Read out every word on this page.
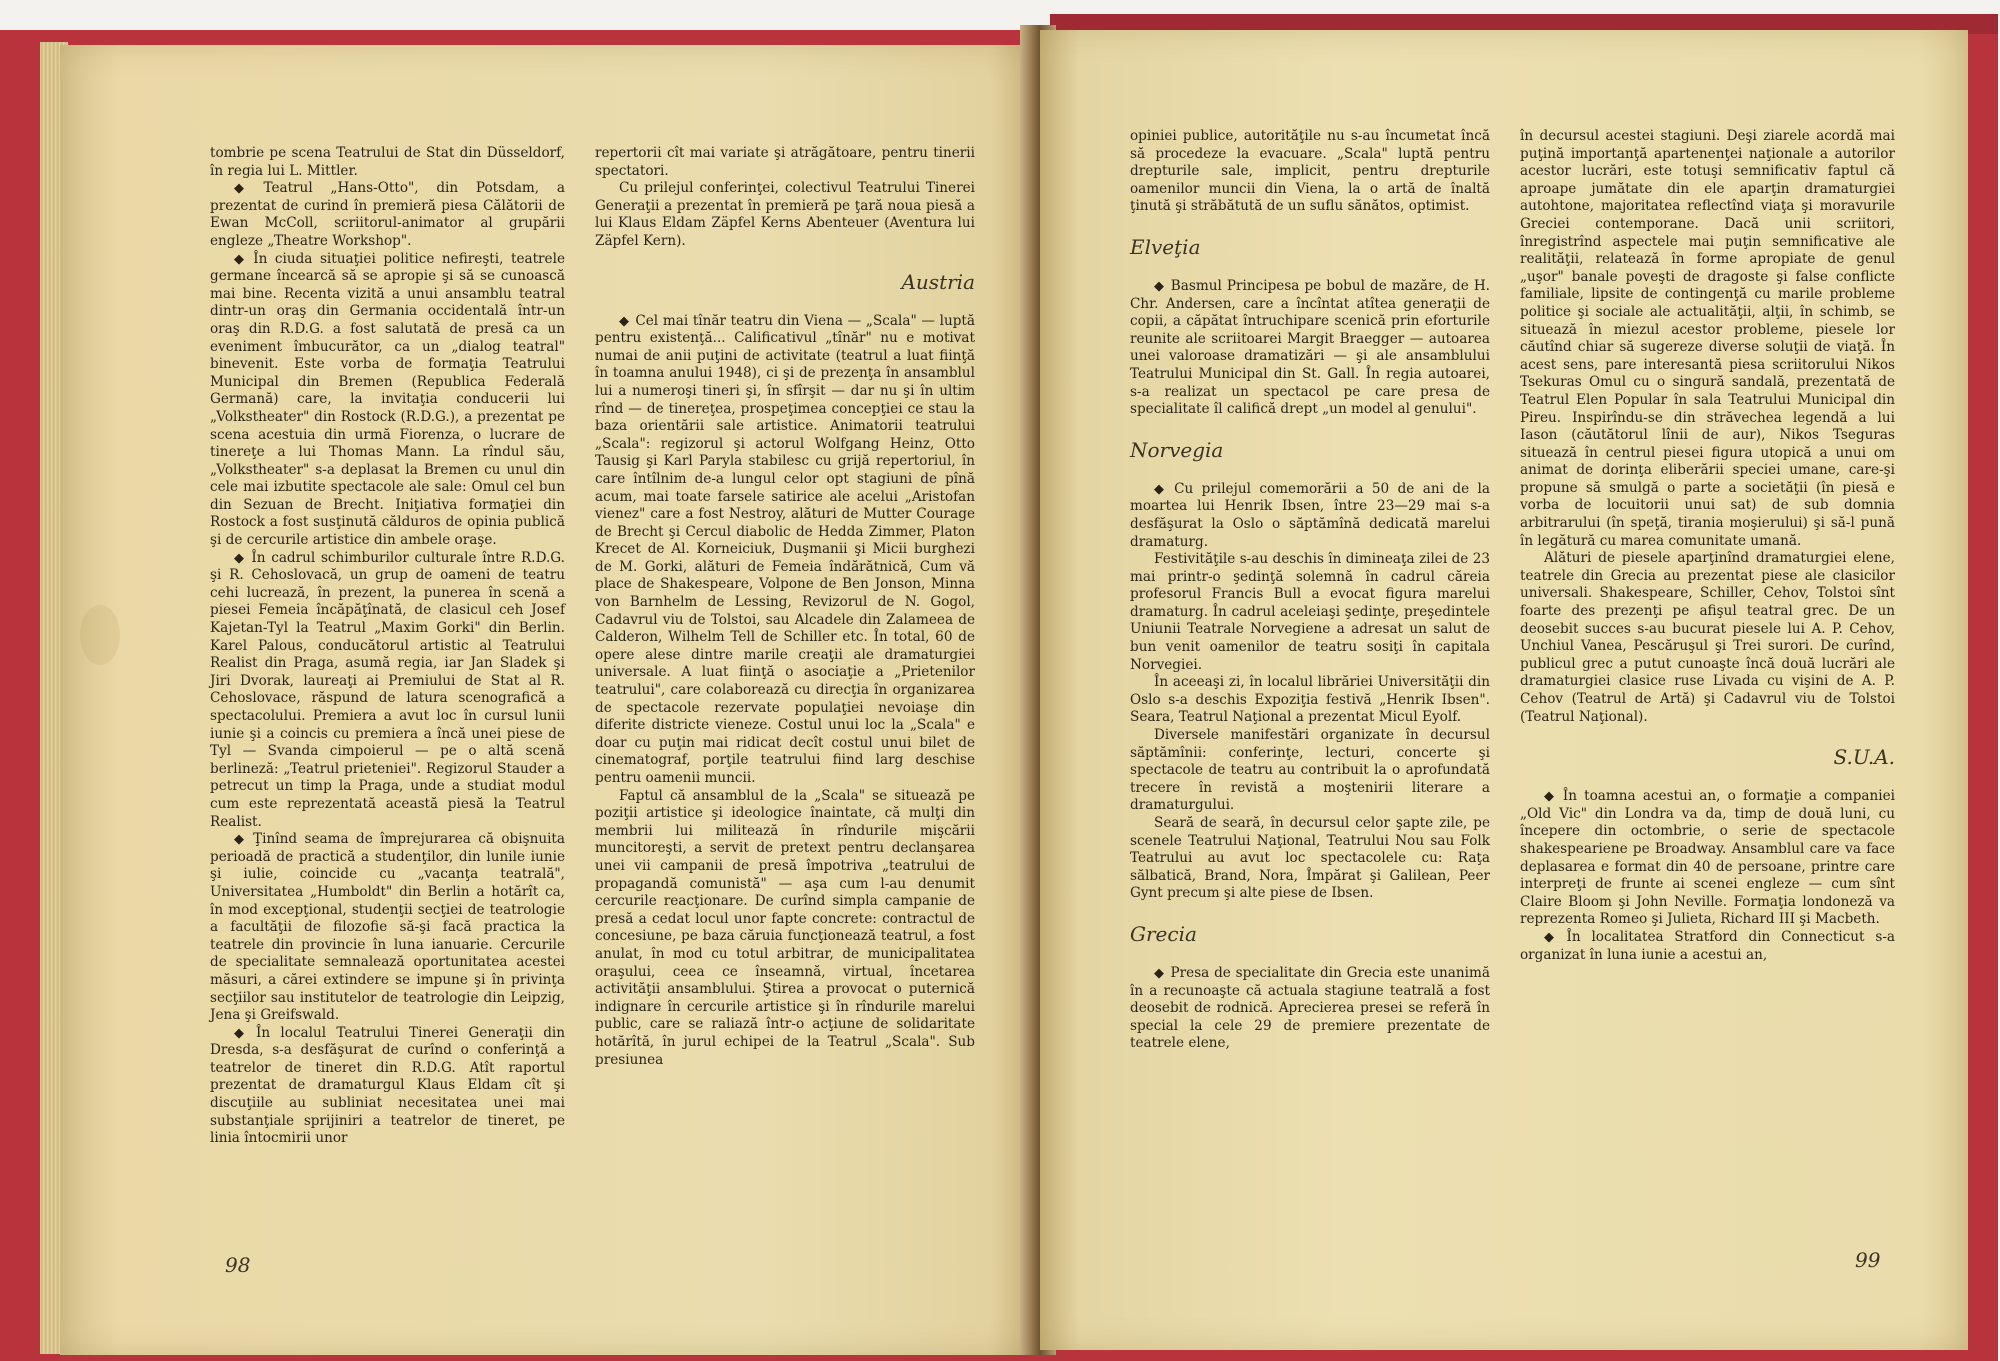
tombrie pe scena Teatrului de Stat din Düsseldorf, în regia lui L. Mittler.

◆ Teatrul „Hans-Otto", din Potsdam, a prezentat de curind în premieră piesa Călătorii de Ewan McColl, scriitorul-animator al grupării engleze „Theatre Workshop".

◆ În ciuda situaţiei politice nefireşti, teatrele germane încearcă să se apropie şi să se cunoască mai bine. Recenta vizită a unui ansamblu teatral dintr-un oraş din Germania occidentală într-un oraş din R.D.G. a fost salutată de presă ca un eveniment îmbucurător, ca un „dialog teatral" binevenit. Este vorba de formaţia Teatrului Municipal din Bremen (Republica Federală Germană) care, la invitaţia conducerii lui „Volkstheater" din Rostock (R.D.G.), a prezentat pe scena acestuia din urmă Fiorenza, o lucrare de tinereţe a lui Thomas Mann. La rîndul său, „Volkstheater" s-a deplasat la Bremen cu unul din cele mai izbutite spectacole ale sale: Omul cel bun din Sezuan de Brecht. Iniţiativa formaţiei din Rostock a fost susţinută călduros de opinia publică şi de cercurile artistice din ambele oraşe.

◆ În cadrul schimburilor culturale între R.D.G. şi R. Cehoslovacă, un grup de oameni de teatru cehi lucrează, în prezent, la punerea în scenă a piesei Femeia încăpăţînată, de clasicul ceh Josef Kajetan-Tyl la Teatrul „Maxim Gorki" din Berlin. Karel Palous, conducătorul artistic al Teatrului Realist din Praga, asumă regia, iar Jan Sladek şi Jiri Dvorak, laureaţi ai Premiului de Stat al R. Cehoslovace, răspund de latura scenografică a spectacolului. Premiera a avut loc în cursul lunii iunie şi a coincis cu premiera a încă unei piese de Tyl — Svanda cimpoierul — pe o altă scenă berlineză: „Teatrul prieteniei". Regizorul Stauder a petrecut un timp la Praga, unde a studiat modul cum este reprezentată această piesă la Teatrul Realist.

◆ Ţinînd seama de împrejurarea că obişnuita perioadă de practică a studenţilor, din lunile iunie şi iulie, coincide cu „vacanţa teatrală", Universitatea „Humboldt" din Berlin a hotărît ca, în mod excepţional, studenţii secţiei de teatrologie a facultăţii de filozofie să-şi facă practica la teatrele din provincie în luna ianuarie. Cercurile de specialitate semnalează oportunitatea acestei măsuri, a cărei extindere se impune şi în privinţa secţiilor sau institutelor de teatrologie din Leipzig, Jena şi Greifswald.

◆ În localul Teatrului Tinerei Generaţii din Dresda, s-a desfăşurat de curînd o conferinţă a teatrelor de tineret din R.D.G. Atît raportul prezentat de dramaturgul Klaus Eldam cît şi discuţiile au subliniat necesitatea unei mai substanţiale sprijiniri a teatrelor de tineret, pe linia întocmirii unor

repertorii cît mai variate şi atrăgătoare, pentru tinerii spectatori.

Cu prilejul conferinţei, colectivul Teatrului Tinerei Generaţii a prezentat în premieră pe ţară noua piesă a lui Klaus Eldam Zäpfel Kerns Abenteuer (Aventura lui Zäpfel Kern).

Austria

◆ Cel mai tînăr teatru din Viena — „Scala" — luptă pentru existenţă... Calificativul „tînăr" nu e motivat numai de anii puţini de activitate (teatrul a luat fiinţă în toamna anului 1948), ci şi de prezenţa în ansamblul lui a numeroşi tineri şi, în sfîrşit — dar nu şi în ultim rînd — de tinereţea, prospeţimea concepţiei ce stau la baza orientării sale artistice. Animatorii teatrului „Scala": regizorul şi actorul Wolfgang Heinz, Otto Tausig şi Karl Paryla stabilesc cu grijă repertoriul, în care întîlnim de-a lungul celor opt stagiuni de pînă acum, mai toate farsele satirice ale acelui „Aristofan vienez" care a fost Nestroy, alături de Mutter Courage de Brecht şi Cercul diabolic de Hedda Zimmer, Platon Krecet de Al. Korneiciuk, Duşmanii şi Micii burghezi de M. Gorki, alături de Femeia îndărătnică, Cum vă place de Shakespeare, Volpone de Ben Jonson, Minna von Barnhelm de Lessing, Revizorul de N. Gogol, Cadavrul viu de Tolstoi, sau Alcadele din Zalameea de Calderon, Wilhelm Tell de Schiller etc. În total, 60 de opere alese dintre marile creaţii ale dramaturgiei universale. A luat fiinţă o asociaţie a „Prietenilor teatrului", care colaborează cu direcţia în organizarea de spectacole rezervate populaţiei nevoiaşe din diferite districte vieneze. Costul unui loc la „Scala" e doar cu puţin mai ridicat decît costul unui bilet de cinematograf, porţile teatrului fiind larg deschise pentru oamenii muncii.

Faptul că ansamblul de la „Scala" se situează pe poziţii artistice şi ideologice înaintate, că mulţi din membrii lui militează în rîndurile mişcării muncitoreşti, a servit de pretext pentru declanşarea unei vii campanii de presă împotriva „teatrului de propagandă comunistă" — aşa cum l-au denumit cercurile reacţionare. De curînd simpla campanie de presă a cedat locul unor fapte concrete: contractul de concesiune, pe baza căruia funcţionează teatrul, a fost anulat, în mod cu totul arbitrar, de municipalitatea oraşului, ceea ce înseamnă, virtual, încetarea activităţii ansamblului. Ştirea a provocat o puternică indignare în cercurile artistice şi în rîndurile marelui public, care se raliază într-o acţiune de solidaritate hotărîtă, în jurul echipei de la Teatrul „Scala". Sub presiunea

98

opiniei publice, autorităţile nu s-au încumetat încă să procedeze la evacuare. „Scala" luptă pentru drepturile sale, implicit, pentru drepturile oamenilor muncii din Viena, la o artă de înaltă ţinută şi străbătută de un suflu sănătos, optimist.

Elveţia

◆ Basmul Principesa pe bobul de mazăre, de H. Chr. Andersen, care a încîntat atîtea generaţii de copii, a căpătat întruchipare scenică prin eforturile reunite ale scriitoarei Margit Braegger — autoarea unei valoroase dramatizări — şi ale ansamblului Teatrului Municipal din St. Gall. În regia autoarei, s-a realizat un spectacol pe care presa de specialitate îl califică drept „un model al genului".

Norvegia

◆ Cu prilejul comemorării a 50 de ani de la moartea lui Henrik Ibsen, între 23—29 mai s-a desfăşurat la Oslo o săptămînă dedicată marelui dramaturg.

Festivităţile s-au deschis în dimineaţa zilei de 23 mai printr-o şedinţă solemnă în cadrul căreia profesorul Francis Bull a evocat figura marelui dramaturg. În cadrul aceleiaşi şedinţe, preşedintele Uniunii Teatrale Norvegiene a adresat un salut de bun venit oamenilor de teatru sosiţi în capitala Norvegiei.

În aceeaşi zi, în localul librăriei Universităţii din Oslo s-a deschis Expoziţia festivă „Henrik Ibsen". Seara, Teatrul Naţional a prezentat Micul Eyolf.

Diversele manifestări organizate în decursul săptămînii: conferinţe, lecturi, concerte şi spectacole de teatru au contribuit la o aprofundată trecere în revistă a moştenirii literare a dramaturgului.

Seară de seară, în decursul celor şapte zile, pe scenele Teatrului Naţional, Teatrului Nou sau Folk Teatrului au avut loc spectacolele cu: Raţa sălbatică, Brand, Nora, Împărat şi Galilean, Peer Gynt precum şi alte piese de Ibsen.

Grecia

◆ Presa de specialitate din Grecia este unanimă în a recunoaşte că actuala stagiune teatrală a fost deosebit de rodnică. Aprecierea presei se referă în special la cele 29 de premiere prezentate de teatrele elene,

în decursul acestei stagiuni. Deşi ziarele acordă mai puţină importanţă apartenenţei naţionale a autorilor acestor lucrări, este totuşi semnificativ faptul că aproape jumătate din ele aparţin dramaturgiei autohtone, majoritatea reflectînd viaţa şi moravurile Greciei contemporane. Dacă unii scriitori, înregistrînd aspectele mai puţin semnificative ale realităţii, relatează în forme apropiate de genul „uşor" banale poveşti de dragoste şi false conflicte familiale, lipsite de contingenţă cu marile probleme politice şi sociale ale actualităţii, alţii, în schimb, se situează în miezul acestor probleme, piesele lor căutînd chiar să sugereze diverse soluţii de viaţă. În acest sens, pare interesantă piesa scriitorului Nikos Tsekuras Omul cu o singură sandală, prezentată de Teatrul Elen Popular în sala Teatrului Municipal din Pireu. Inspirîndu-se din străvechea legendă a lui Iason (căutătorul lînii de aur), Nikos Tseguras situează în centrul piesei figura utopică a unui om animat de dorinţa eliberării speciei umane, care-şi propune să smulgă o parte a societăţii (în piesă e vorba de locuitorii unui sat) de sub domnia arbitrarului (în speţă, tirania moşierului) şi să-l pună în legătură cu marea comunitate umană.

Alături de piesele aparţinînd dramaturgiei elene, teatrele din Grecia au prezentat piese ale clasicilor universali. Shakespeare, Schiller, Cehov, Tolstoi sînt foarte des prezenţi pe afişul teatral grec. De un deosebit succes s-au bucurat piesele lui A. P. Cehov, Unchiul Vanea, Pescăruşul şi Trei surori. De curînd, publicul grec a putut cunoaşte încă două lucrări ale dramaturgiei clasice ruse Livada cu vişini de A. P. Cehov (Teatrul de Artă) şi Cadavrul viu de Tolstoi (Teatrul Naţional).

S.U.A.

◆ În toamna acestui an, o formaţie a companiei „Old Vic" din Londra va da, timp de două luni, cu începere din octombrie, o serie de spectacole shakespeariene pe Broadway. Ansamblul care va face deplasarea e format din 40 de persoane, printre care interpreţi de frunte ai scenei engleze — cum sînt Claire Bloom şi John Neville. Formaţia londoneză va reprezenta Romeo şi Julieta, Richard III şi Macbeth.

◆ În localitatea Stratford din Connecticut s-a organizat în luna iunie a acestui an,

99
